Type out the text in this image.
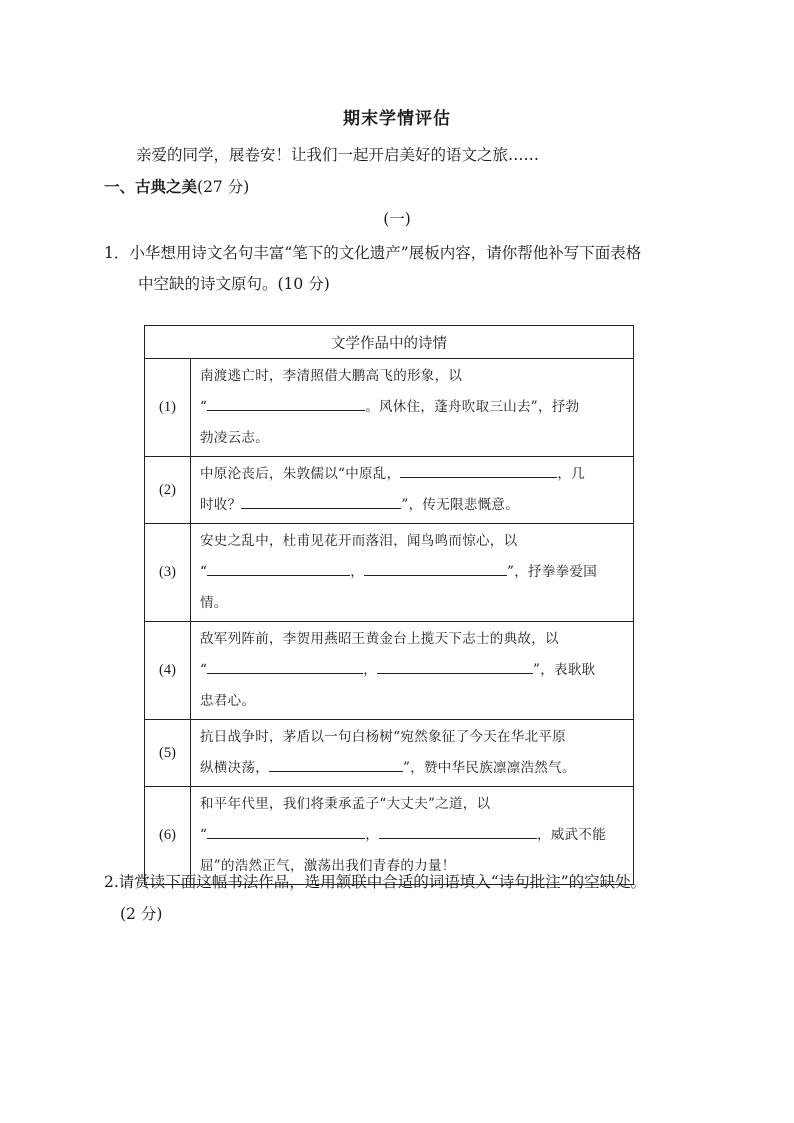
期末学情评估
亲爱的同学，展卷安！让我们一起开启美好的语文之旅……
一、古典之美(27 分)
(一)
1．小华想用诗文名句丰富“笔下的文化遗产”展板内容，请你帮他补写下面表格
中空缺的诗文原句。(10 分)
文学作品中的诗情	
(1)	南渡逃亡时，李清照借大鹏高飞的形象，以
“ 。风休住，蓬舟吹取三山去”，抒勃
勃凌云志。
(2)	中原沦丧后，朱敦儒以“中原乱， ，几
时收？ ”，传无限悲慨意。
(3)	安史之乱中，杜甫见花开而落泪，闻鸟鸣而惊心，以
“ ， ”，抒拳拳爱国
情。
(4)	敌军列阵前，李贺用燕昭王黄金台上揽天下志士的典故，以
“ ， ”，表耿耿
忠君心。
(5)	抗日战争时，茅盾以一句白杨树“宛然象征了今天在华北平原
纵横决荡， ”，赞中华民族凛凛浩然气。
(6)	和平年代里，我们将秉承孟子“大丈夫”之道，以
“ ， ，威武不能
屈”的浩然正气，激荡出我们青春的力量！
2.请赏读下面这幅书法作品，选用颔联中合适的词语填入“诗句批注”的空缺处。
(2 分)
